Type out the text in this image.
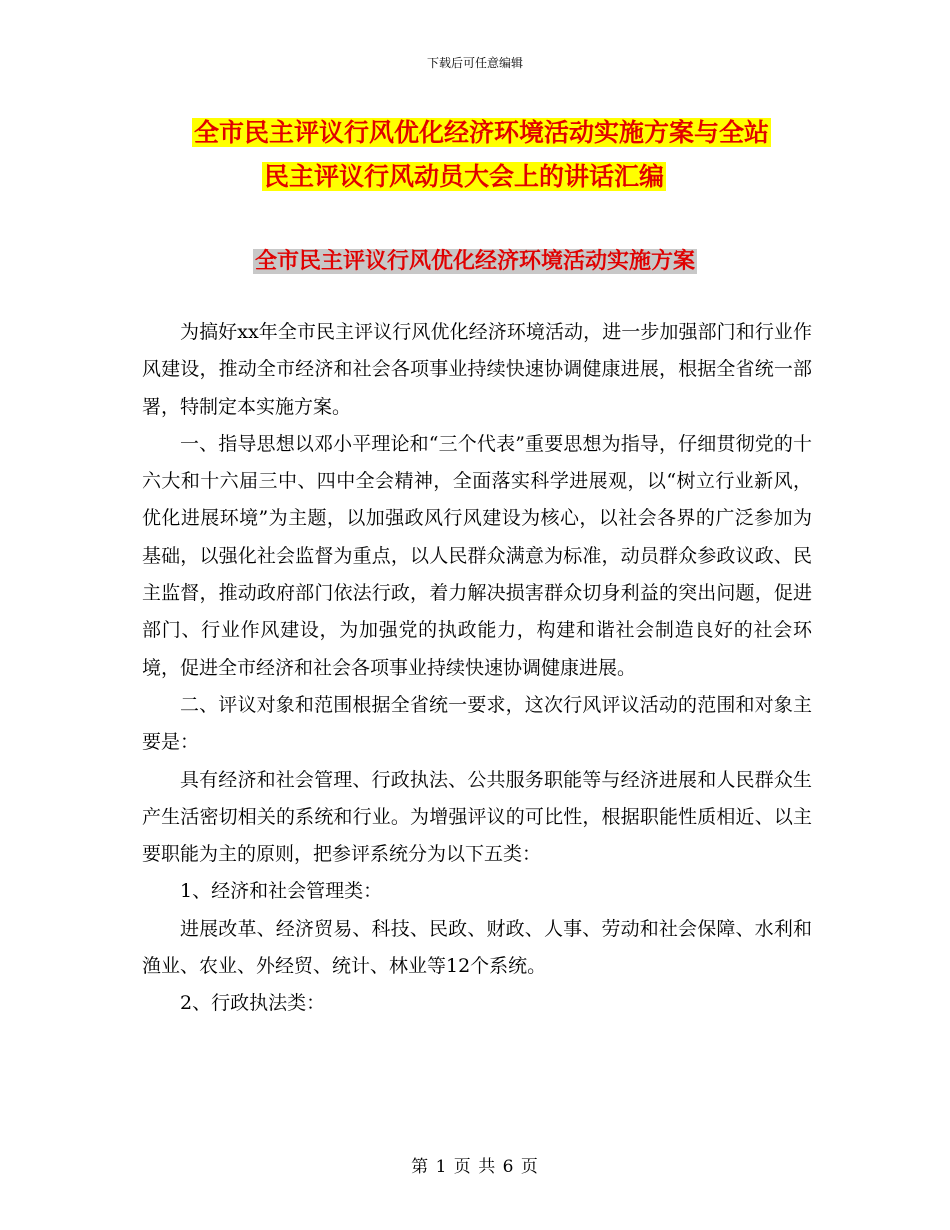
下载后可任意编辑
全市民主评议行风优化经济环境活动实施方案与全站
民主评议行风动员大会上的讲话汇编
全市民主评议行风优化经济环境活动实施方案

为搞好xx年全市民主评议行风优化经济环境活动，进一步加强部门和行业作风建设，推动全市经济和社会各项事业持续快速协调健康进展，根据全省统一部署，特制定本实施方案。

一、指导思想以邓小平理论和“三个代表”重要思想为指导，仔细贯彻党的十六大和十六届三中、四中全会精神，全面落实科学进展观，以“树立行业新风，优化进展环境”为主题，以加强政风行风建设为核心，以社会各界的广泛参加为基础，以强化社会监督为重点，以人民群众满意为标准，动员群众参政议政、民主监督，推动政府部门依法行政，着力解决损害群众切身利益的突出问题，促进部门、行业作风建设，为加强党的执政能力，构建和谐社会制造良好的社会环境，促进全市经济和社会各项事业持续快速协调健康进展。

二、评议对象和范围根据全省统一要求，这次行风评议活动的范围和对象主要是：

具有经济和社会管理、行政执法、公共服务职能等与经济进展和人民群众生产生活密切相关的系统和行业。为增强评议的可比性，根据职能性质相近、以主要职能为主的原则，把参评系统分为以下五类：

1、经济和社会管理类：

进展改革、经济贸易、科技、民政、财政、人事、劳动和社会保障、水利和渔业、农业、外经贸、统计、林业等12个系统。

2、行政执法类：

第 1 页 共 6 页
